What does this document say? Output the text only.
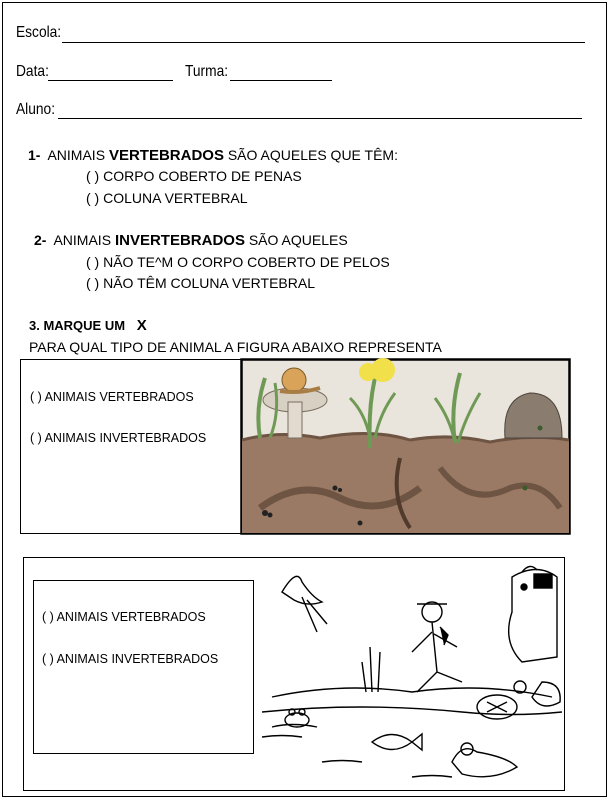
Escola:
Data:	Turma:
Aluno:
1- ANIMAIS VERTEBRADOS SÃO AQUELES QUE TÊM:
( ) CORPO COBERTO DE PENAS
( ) COLUNA VERTEBRAL
2- ANIMAIS INVERTEBRADOS SÃO AQUELES
( ) NÃO TE^M O CORPO COBERTO DE PELOS
( ) NÃO TÊM COLUNA VERTEBRAL
3. MARQUE UM X
PARA QUAL TIPO DE ANIMAL A FIGURA ABAIXO REPRESENTA
( ) ANIMAIS VERTEBRADOS
( ) ANIMAIS INVERTEBRADOS
( ) ANIMAIS VERTEBRADOS
( ) ANIMAIS INVERTEBRADOS
